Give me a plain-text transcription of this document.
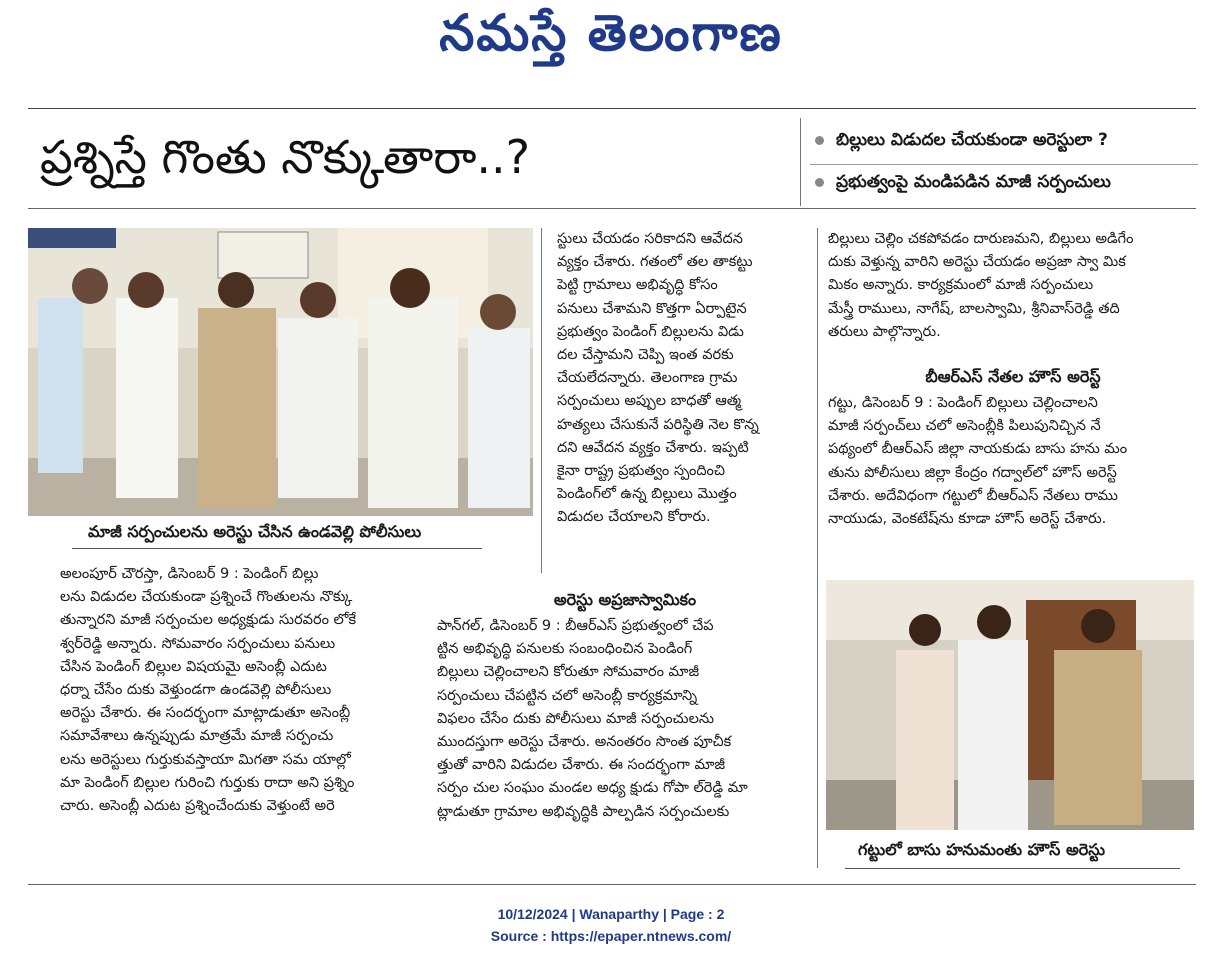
నమస్తే తెలంగాణ
ప్రశ్నిస్తే గొంతు నొక్కుతారా..?	బిల్లులు విడుదల చేయకుండా అరెస్టులా ?
ప్రభుత్వంపై మండిపడిన మాజీ సర్పంచులు
మాజీ సర్పంచులను అరెస్టు చేసిన ఉండవెల్లి పోలీసులు

అలంపూర్ చౌరస్తా, డిసెంబర్ 9 : పెండింగ్ బిల్లు

లను విడుదల చేయకుండా ప్రశ్నించే గొంతులను నొక్కు

తున్నారని మాజీ సర్పంచుల అధ్యక్షుడు సురవరం లోకే

శ్వర్‌రెడ్డి అన్నారు. సోమవారం సర్పంచులు పనులు

చేసిన పెండింగ్ బిల్లుల విషయమై అసెంబ్లీ ఎదుట

ధర్నా చేసేం దుకు వెళ్తుండగా ఉండవెల్లి పోలీసులు

అరెస్టు చేశారు. ఈ సందర్భంగా మాట్లాడుతూ అసెంబ్లీ

సమావేశాలు ఉన్నప్పుడు మాత్రమే మాజీ సర్పంచు

లను అరెస్టులు గుర్తుకువస్తాయా మిగతా సమ యాల్లో

మా పెండింగ్ బిల్లుల గురించి గుర్తుకు రాదా అని ప్రశ్నిం

చారు. అసెంబ్లీ ఎదుట ప్రశ్నించేందుకు వెళ్తుంటే అరె

స్టులు చేయడం సరికాదని ఆవేదన

వ్యక్తం చేశారు. గతంలో తల తాకట్టు

పెట్టి గ్రామాలు అభివృద్ధి కోసం

పనులు చేశామని కొత్తగా ఏర్పాటైన

ప్రభుత్వం పెండింగ్ బిల్లులను విడు

దల చేస్తామని చెప్పి ఇంత వరకు

చేయలేదన్నారు. తెలంగాణ గ్రామ

సర్పంచులు అప్పుల బాధతో ఆత్మ

హత్యలు చేసుకునే పరిస్థితి నెల కొన్న

దని ఆవేదన వ్యక్తం చేశారు. ఇప్పటి

కైనా రాష్ట్ర ప్రభుత్వం స్పందించి

పెండింగ్‌లో ఉన్న బిల్లులు మొత్తం

విడుదల చేయాలని కోరారు.

అరెస్టు అప్రజాస్వామికం

పాన్‌గల్, డిసెంబర్ 9 : బీఆర్‌ఎస్ ప్రభుత్వంలో చేప

ట్టిన అభివృద్ధి పనులకు సంబంధించిన పెండింగ్

బిల్లులు చెల్లించాలని కోరుతూ సోమవారం మాజీ

సర్పంచులు చేపట్టిన చలో అసెంబ్లీ కార్యక్రమాన్ని

విఫలం చేసేం దుకు పోలీసులు మాజీ సర్పంచులను

ముందస్తుగా అరెస్టు చేశారు. అనంతరం సొంత పూచీక

త్తుతో వారిని విడుదల చేశారు. ఈ సందర్భంగా మాజీ

సర్పం చుల సంఘం మండల అధ్య క్షుడు గోపా ల్‌రెడ్డి మా

ట్లాడుతూ గ్రామాల అభివృద్ధికి పాల్పడిన సర్పంచులకు

బిల్లులు చెల్లిం చకపోవడం దారుణమని, బిల్లులు అడిగేం

దుకు వెళ్తున్న వారిని అరెస్టు చేయడం అప్రజా స్వా మిక

మికం అన్నారు. కార్యక్రమంలో మాజీ సర్పంచులు

మేస్త్రీ రాములు, నాగేష్, బాలస్వామి, శ్రీనివాస్‌రెడ్డి తది

తరులు పాల్గొన్నారు.

బీఆర్‌ఎస్ నేతల హౌస్ అరెస్ట్

గట్టు, డిసెంబర్ 9 : పెండింగ్ బిల్లులు చెల్లించాలని

మాజీ సర్పంచ్‌లు చలో అసెంబ్లీకి పిలుపునిచ్చిన నే

పథ్యంలో బీఆర్‌ఎస్ జిల్లా నాయకుడు బాసు హను మం

తును పోలీసులు జిల్లా కేంద్రం గద్వాల్‌లో హౌస్ అరెస్ట్

చేశారు. అదేవిధంగా గట్టులో బీఆర్‌ఎస్ నేతలు రాము

నాయుడు, వెంకటేష్‌ను కూడా హౌస్ అరెస్ట్ చేశారు.

గట్టులో బాసు హనుమంతు హౌస్ అరెస్టు
10/12/2024 | Wanaparthy | Page : 2
Source : https://epaper.ntnews.com/
